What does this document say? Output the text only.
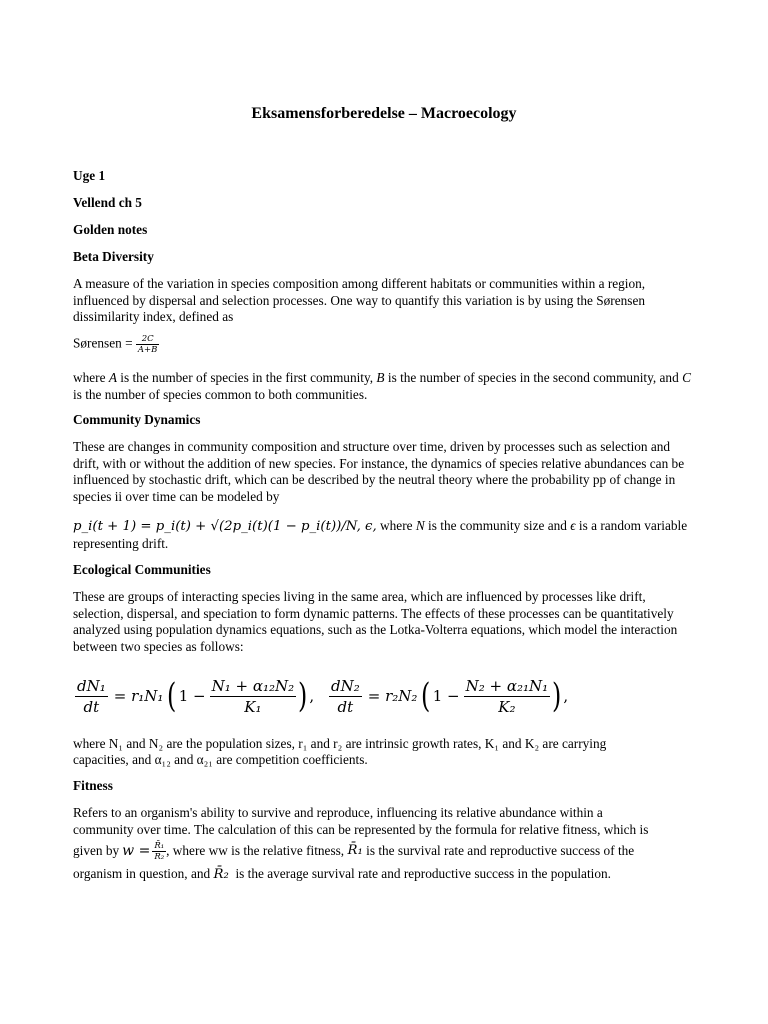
Eksamensforberedelse – Macroecology
Uge 1
Vellend ch 5
Golden notes
Beta Diversity

A measure of the variation in species composition among different habitats or communities within a region, influenced by dispersal and selection processes. One way to quantify this variation is by using the Sørensen dissimilarity index, defined as

Sørensen = $\frac{2C}{A+B}$

where A is the number of species in the first community, B is the number of species in the second community, and C is the number of species common to both communities.

Community Dynamics

These are changes in community composition and structure over time, driven by processes such as selection and drift, with or without the addition of new species. For instance, the dynamics of species relative abundances can be influenced by stochastic drift, which can be described by the neutral theory where the probability pp of change in species ii over time can be modeled by

p_i(t + 1) = p_i(t) + √(2p_i(t)(1 − p_i(t))/N, ϵ, where N is the community size and ϵ is a random variable
representing drift.
Ecological Communities

These are groups of interacting species living in the same area, which are influenced by processes like drift, selection, dispersal, and speciation to form dynamic patterns. The effects of these processes can be quantitatively analyzed using population dynamics equations, such as the Lotka-Volterra equations, which model the interaction between two species as follows:

$\frac{\text{dN₁}}{dt} = r_1N_1$ ( $1 - \frac{\text{N₁ + α₁₂N₂}}{\text{K₁}}$ ) , $\frac{\text{dN₂}}{dt} = r_2N_2$ ( $1 - \frac{\text{N₂ + α₂₁N₁}}{\text{K₂}}$ ) ,
where N₁ and N₂ are the population sizes, r₁ and r₂ are intrinsic growth rates, K₁ and K₂ are carrying
capacities, and α₁₂ and α₂₁ are competition coefficients.
Fitness
Refers to an organism's ability to survive and reproduce, influencing its relative abundance within a
community over time. The calculation of this can be represented by the formula for relative fitness, which is
given by $w = \frac{\text{R̄₁}}{\text{R̄₂}}$ , where ww is the relative fitness, R̄₁ is the survival rate and reproductive success of the
organism in question, and R̄₂  is the average survival rate and reproductive success in the population.
